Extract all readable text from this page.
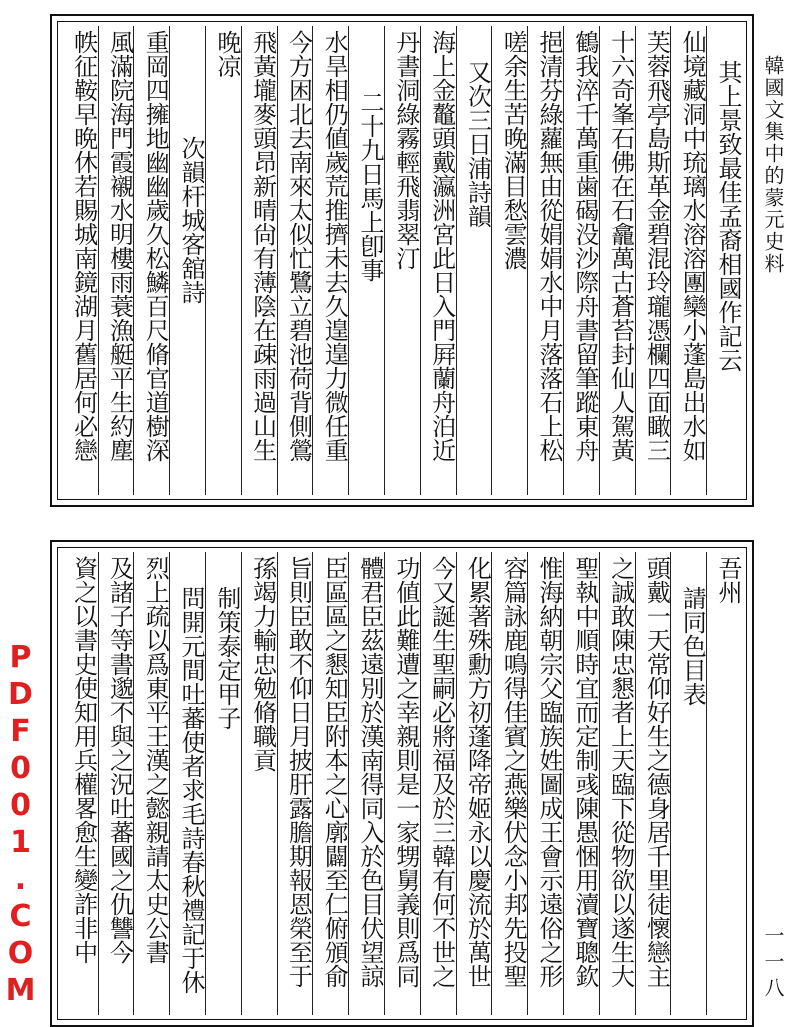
韓國文集中的蒙元史料
一一八
PDF001.COM
其上景致最佳孟裔相國作記云
仙境藏洞中琉璃水溶溶團欒小蓬島出水如
芙蓉飛亭島斯革金碧混玲瓏憑欄四面瞰三
十六奇峯石佛在石龕萬古蒼苔封仙人駕黃
鶴我淬千萬重歯碣没沙際舟書留筆蹤東舟
挹清芬綠蘿無由從娟娟水中月落落石上松
嗟余生苦晚滿目愁雲濃
又次三日浦詩韻
海上金鼇頭戴瀛洲宮此日入門屛蘭舟泊近
丹書洞綠霧輕飛翡翠汀
二十九日馬上卽事
水旱相仍値歲荒推擠未去久遑遑力微任重
今方困北去南來太似忙鷺立碧池荷背側鶯
飛黃壠麥頭昂新晴尙有薄陰在疎雨過山生
晚凉
次韻杆城客舘詩
重岡四擁地幽幽歲久松鱗百尺脩官道樹深
風滿院海門霞襯水明樓雨蓑漁艇平生約塵
帙征鞍早晩休若賜城南鏡湖月舊居何必戀
吾州
請同色目表
頭戴一天常仰好生之德身居千里徒懷戀主
之誠敢陳忠懇者上天臨下從物欲以遂生大
聖執中順時宜而定制彧陳愚悃用瀆寶聰欽
惟海納朝宗父臨族姓圖成王會示遠俗之形
容篇詠鹿鳴得佳賓之燕樂伏念小邦先投聖
化累著殊勳方初蓬降帝姬永以慶流於萬世
今又誕生聖嗣必將福及於三韓有何不世之
功値此難遭之幸親則是一家甥舅義則爲同
體君臣茲遠別於漢南得同入於色目伏望諒
臣區區之懇知臣附本之心廓闢至仁俯頒俞
旨則臣敢不仰日月披肝露膽期報恩榮至于
孫竭力輸忠勉脩職貢
制策泰定甲子
問開元間吐蕃使者求毛詩春秋禮記于休
烈上疏以爲東平王漢之懿親請太史公書
及諸子等書邈不與之況吐蕃國之仇讐今
資之以書史使知用兵權畧愈生變詐非中
